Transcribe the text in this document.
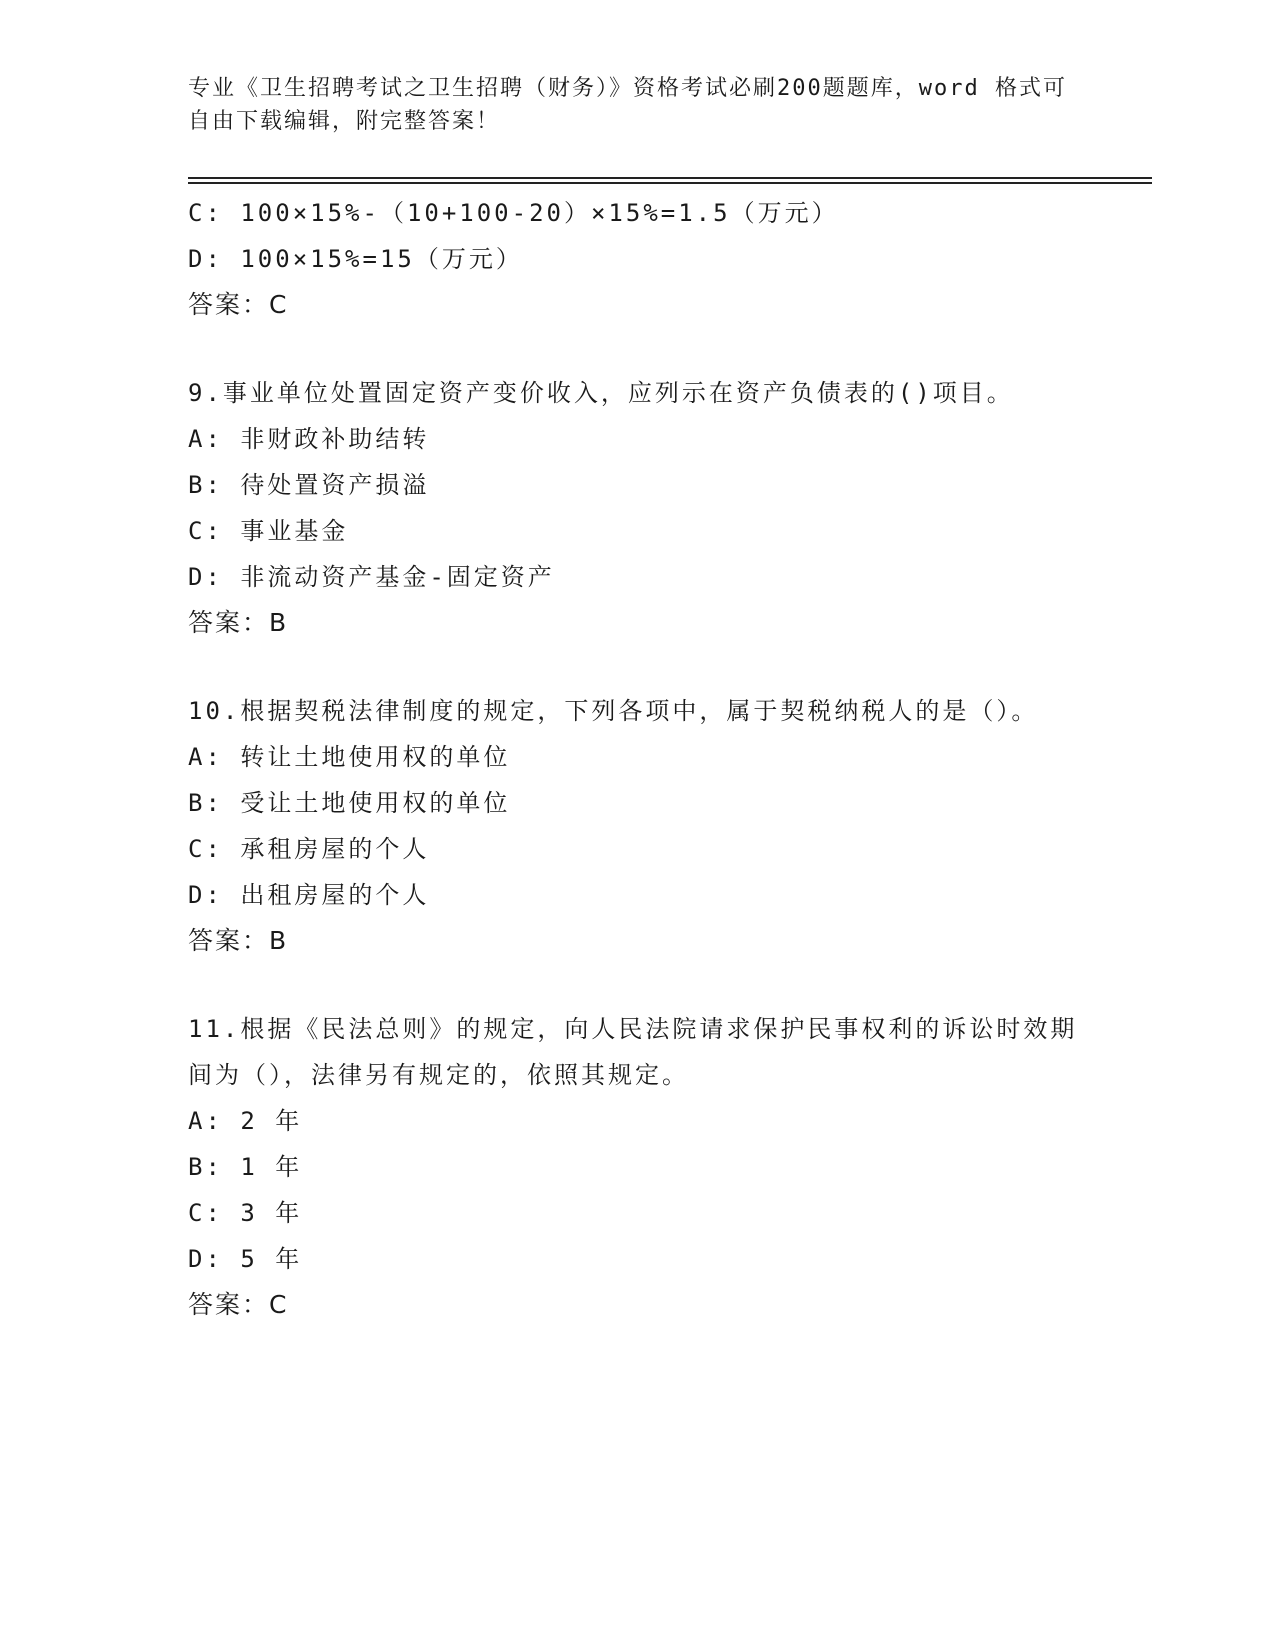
专业《卫生招聘考试之卫生招聘（财务）》资格考试必刷200题题库，word 格式可自由下载编辑，附完整答案！
C: 100×15%-（10+100-20）×15%=1.5（万元）
D: 100×15%=15（万元）
答案：C
9.事业单位处置固定资产变价收入，应列示在资产负债表的()项目。
A: 非财政补助结转
B: 待处置资产损溢
C: 事业基金
D: 非流动资产基金-固定资产
答案：B
10.根据契税法律制度的规定，下列各项中，属于契税纳税人的是（）。
A: 转让土地使用权的单位
B: 受让土地使用权的单位
C: 承租房屋的个人
D: 出租房屋的个人
答案：B
11.根据《民法总则》的规定，向人民法院请求保护民事权利的诉讼时效期间为（），法律另有规定的，依照其规定。
A: 2 年
B: 1 年
C: 3 年
D: 5 年
答案：C
